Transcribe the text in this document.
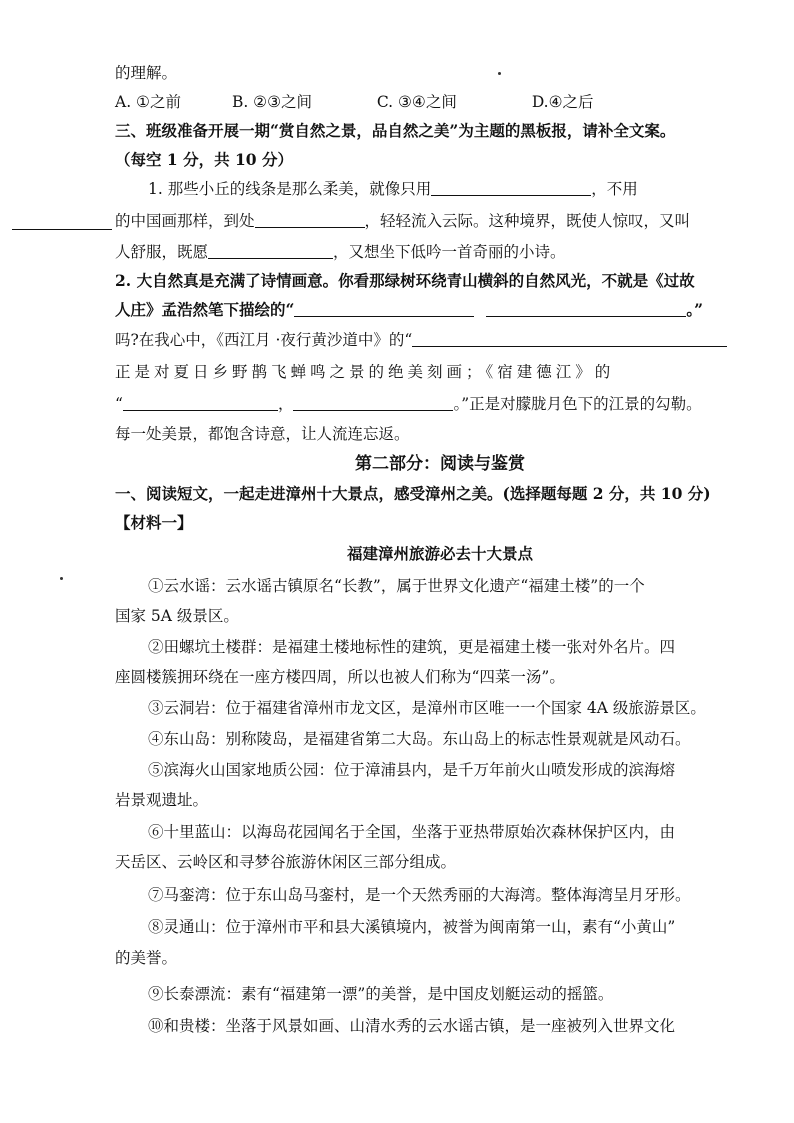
的理解。
A. ①之前	B. ②③之间	C. ③④之间	D.④之后
三、班级准备开展一期“赏自然之景，品自然之美”为主题的黑板报，请补全文案。
（每空 1 分，共 10 分）
1. 那些小丘的线条是那么柔美，就像只用	，不用
的中国画那样，到处	，轻轻流入云际。这种境界，既使人惊叹，又叫
人舒服，既愿	，又想坐下低吟一首奇丽的小诗。
2. 大自然真是充满了诗情画意。你看那绿树环绕青山横斜的自然风光，不就是《过故
人庄》孟浩然笔下描绘的“	。”
吗?在我心中，《西江月 ·夜行黄沙道中》的“
正是对夏日乡野鹊飞蝉鸣之景的绝美刻画；《宿建德江》的
“	，	。”正是对朦胧月色下的江景的勾勒。
每一处美景，都饱含诗意，让人流连忘返。
第二部分：阅读与鉴赏
一、阅读短文，一起走进漳州十大景点，感受漳州之美。(选择题每题 2 分，共 10 分)
【材料一】
福建漳州旅游必去十大景点
①云水谣：云水谣古镇原名“长教”，属于世界文化遗产“福建土楼”的一个
国家 5A 级景区。
②田螺坑土楼群：是福建土楼地标性的建筑，更是福建土楼一张对外名片。四
座圆楼簇拥环绕在一座方楼四周，所以也被人们称为“四菜一汤”。
③云洞岩：位于福建省漳州市龙文区，是漳州市区唯一一个国家 4A 级旅游景区。
④东山岛：别称陵岛，是福建省第二大岛。东山岛上的标志性景观就是风动石。
⑤滨海火山国家地质公园：位于漳浦县内，是千万年前火山喷发形成的滨海熔
岩景观遗址。
⑥十里蓝山：以海岛花园闻名于全国，坐落于亚热带原始次森林保护区内，由
天岳区、云岭区和寻梦谷旅游休闲区三部分组成。
⑦马銮湾：位于东山岛马銮村，是一个天然秀丽的大海湾。整体海湾呈月牙形。
⑧灵通山：位于漳州市平和县大溪镇境内，被誉为闽南第一山，素有“小黄山”
的美誉。
⑨长泰漂流：素有“福建第一漂”的美誉，是中国皮划艇运动的摇篮。
⑩和贵楼：坐落于风景如画、山清水秀的云水谣古镇，是一座被列入世界文化
